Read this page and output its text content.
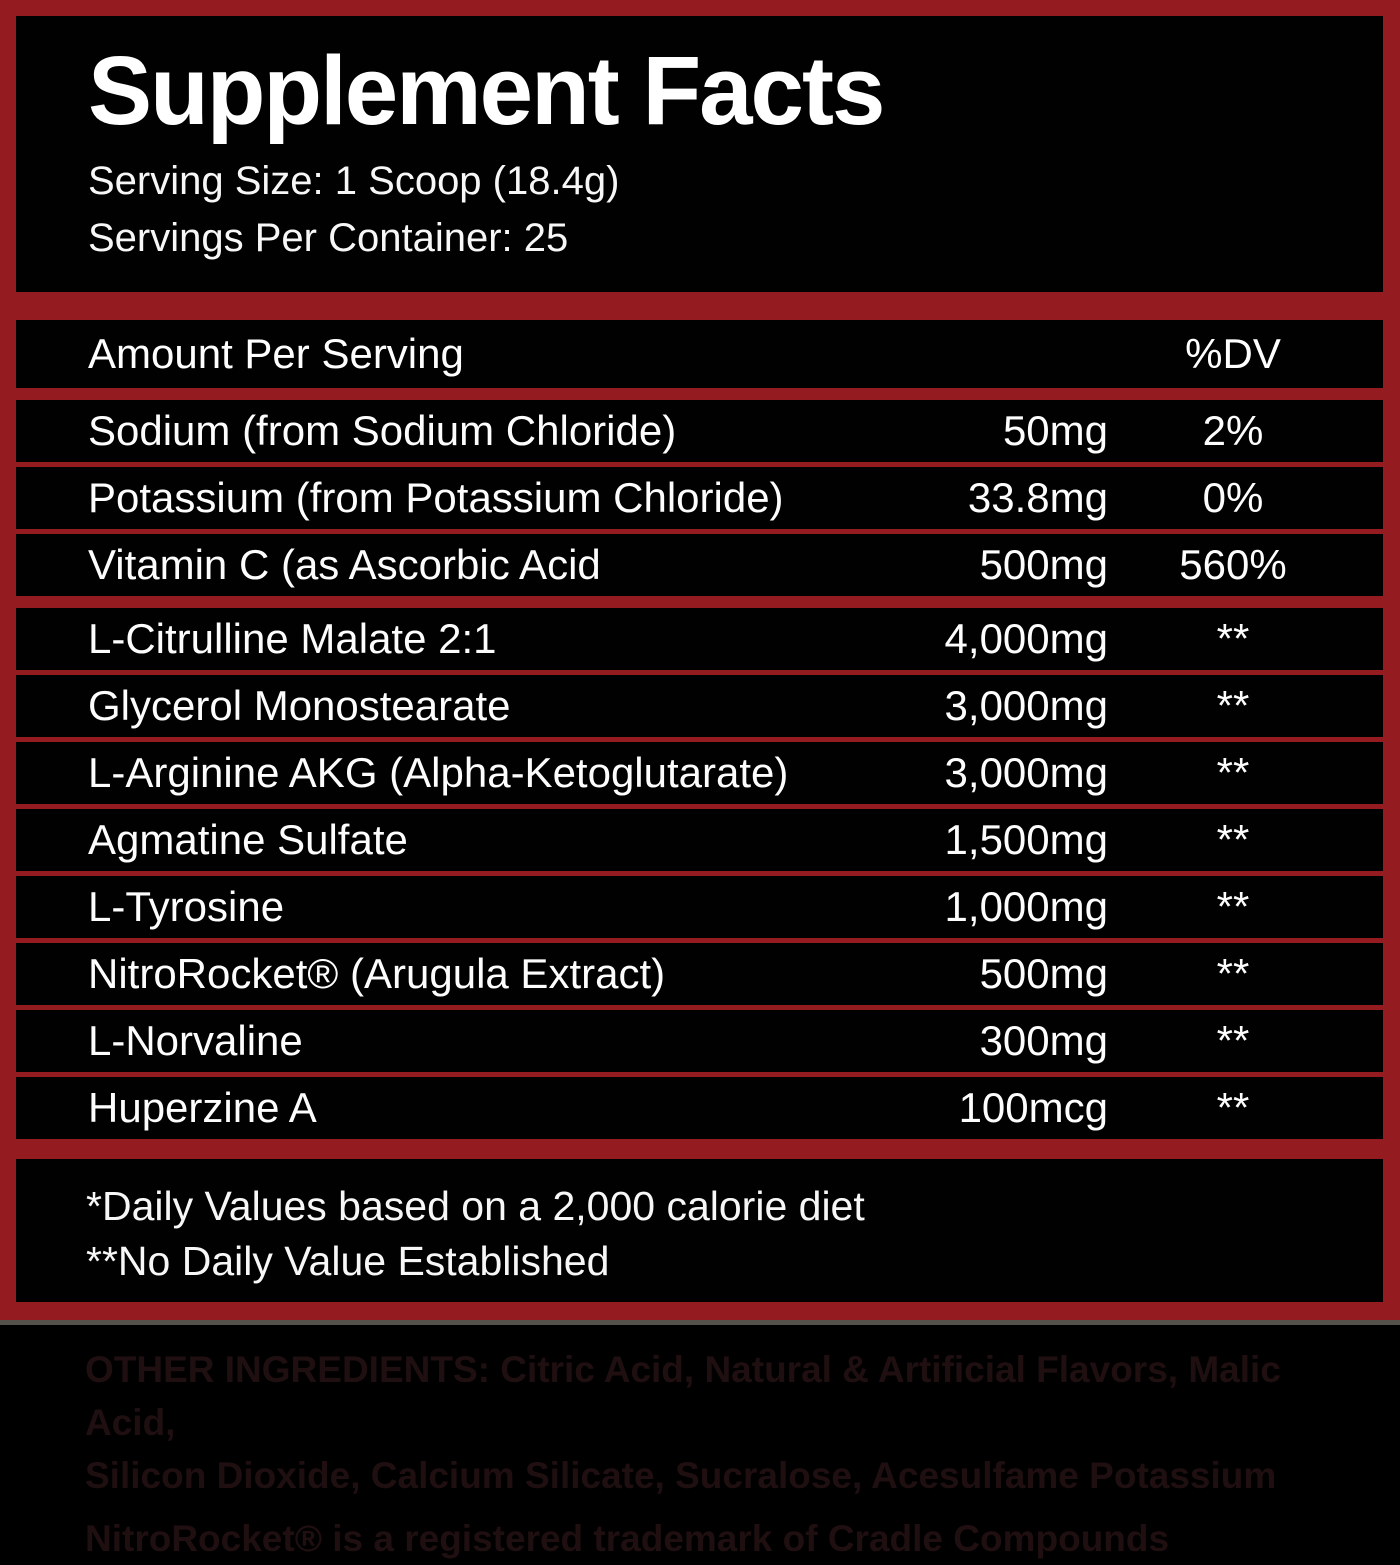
Supplement Facts
Serving Size: 1 Scoop (18.4g)
Servings Per Container: 25
Amount Per Serving	%DV
Sodium (from Sodium Chloride)	50mg	2%
Potassium (from Potassium Chloride)	33.8mg	0%
Vitamin C (as Ascorbic Acid	500mg	560%
L-Citrulline Malate 2:1	4,000mg	**
Glycerol Monostearate	3,000mg	**
L-Arginine AKG (Alpha-Ketoglutarate)	3,000mg	**
Agmatine Sulfate	1,500mg	**
L-Tyrosine	1,000mg	**
NitroRocket® (Arugula Extract)	500mg	**
L-Norvaline	300mg	**
Huperzine A	100mcg	**
*Daily Values based on a 2,000 calorie diet
**No Daily Value Established
OTHER INGREDIENTS: Citric Acid, Natural & Artificial Flavors, Malic Acid,
Silicon Dioxide, Calcium Silicate, Sucralose, Acesulfame Potassium
NitroRocket® is a registered trademark of Cradle Compounds
